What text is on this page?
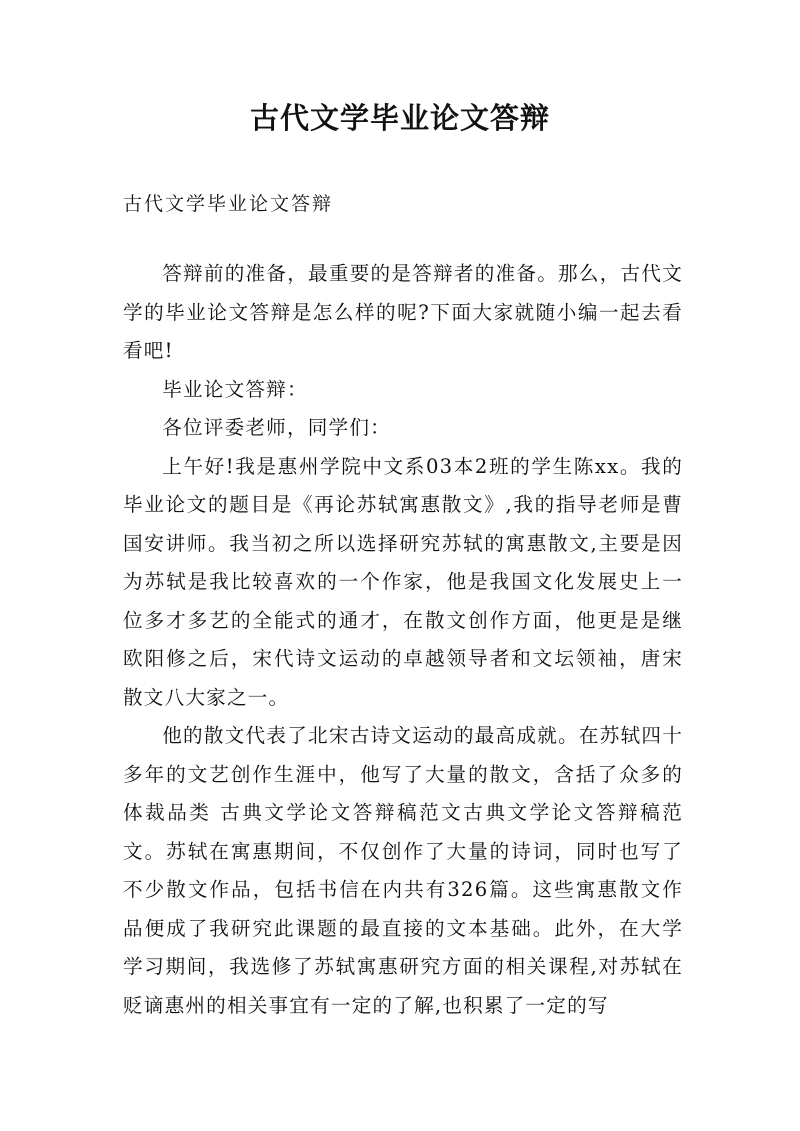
古代文学毕业论文答辩
古代文学毕业论文答辩

答辩前的准备，最重要的是答辩者的准备。那么，古代文学的毕业论文答辩是怎么样的呢?下面大家就随小编一起去看看吧!

毕业论文答辩：

各位评委老师，同学们：

上午好!我是惠州学院中文系03本2班的学生陈xx。我的毕业论文的题目是《再论苏轼寓惠散文》,我的指导老师是曹国安讲师。我当初之所以选择研究苏轼的寓惠散文,主要是因为苏轼是我比较喜欢的一个作家，他是我国文化发展史上一位多才多艺的全能式的通才，在散文创作方面，他更是是继欧阳修之后，宋代诗文运动的卓越领导者和文坛领袖，唐宋散文八大家之一。

他的散文代表了北宋古诗文运动的最高成就。在苏轼四十多年的文艺创作生涯中，他写了大量的散文，含括了众多的体裁品类 古典文学论文答辩稿范文古典文学论文答辩稿范文。苏轼在寓惠期间，不仅创作了大量的诗词，同时也写了不少散文作品，包括书信在内共有326篇。这些寓惠散文作品便成了我研究此课题的最直接的文本基础。此外，在大学学习期间，我选修了苏轼寓惠研究方面的相关课程,对苏轼在贬谪惠州的相关事宜有一定的了解,也积累了一定的写
